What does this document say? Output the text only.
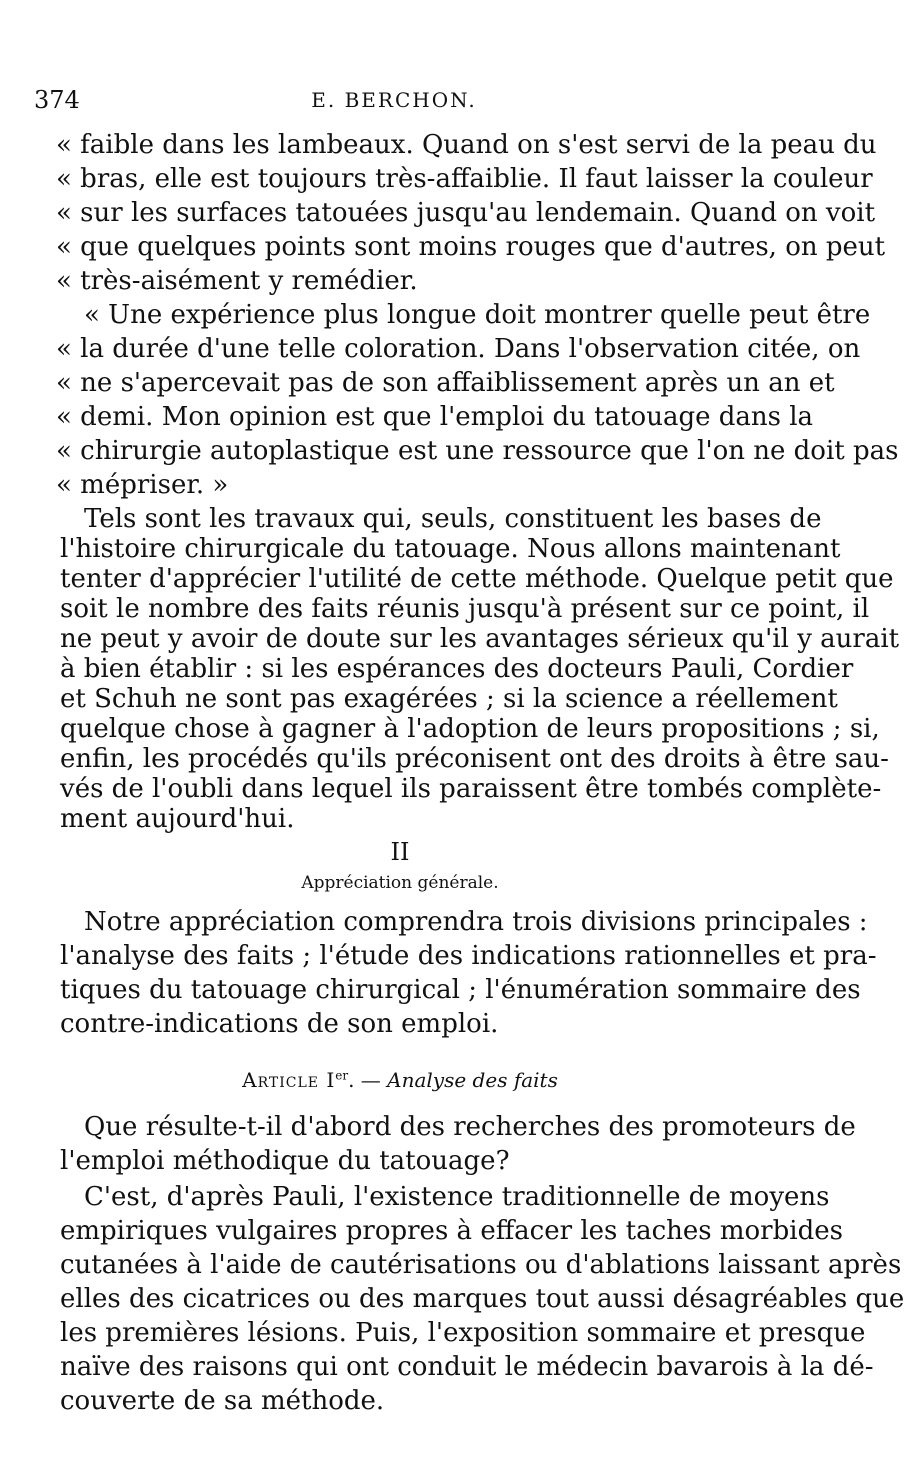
374	E. BERCHON.
« faible dans les lambeaux. Quand on s'est servi de la peau du
« bras, elle est toujours très-affaiblie. Il faut laisser la couleur
« sur les surfaces tatouées jusqu'au lendemain. Quand on voit
« que quelques points sont moins rouges que d'autres, on peut
« très-aisément y remédier.
« Une expérience plus longue doit montrer quelle peut être
« la durée d'une telle coloration. Dans l'observation citée, on
« ne s'apercevait pas de son affaiblissement après un an et
« demi. Mon opinion est que l'emploi du tatouage dans la
« chirurgie autoplastique est une ressource que l'on ne doit pas
« mépriser. »
Tels sont les travaux qui, seuls, constituent les bases de
l'histoire chirurgicale du tatouage. Nous allons maintenant
tenter d'apprécier l'utilité de cette méthode. Quelque petit que
soit le nombre des faits réunis jusqu'à présent sur ce point, il
ne peut y avoir de doute sur les avantages sérieux qu'il y aurait
à bien établir : si les espérances des docteurs Pauli, Cordier
et Schuh ne sont pas exagérées ; si la science a réellement
quelque chose à gagner à l'adoption de leurs propositions ; si,
enfin, les procédés qu'ils préconisent ont des droits à être sau-
vés de l'oubli dans lequel ils paraissent être tombés complète-
ment aujourd'hui.
II
Appréciation générale.
Notre appréciation comprendra trois divisions principales :
l'analyse des faits ; l'étude des indications rationnelles et pra-
tiques du tatouage chirurgical ; l'énumération sommaire des
contre-indications de son emploi.
Article Ier. — Analyse des faits
Que résulte-t-il d'abord des recherches des promoteurs de
l'emploi méthodique du tatouage?
C'est, d'après Pauli, l'existence traditionnelle de moyens
empiriques vulgaires propres à effacer les taches morbides
cutanées à l'aide de cautérisations ou d'ablations laissant après
elles des cicatrices ou des marques tout aussi désagréables que
les premières lésions. Puis, l'exposition sommaire et presque
naïve des raisons qui ont conduit le médecin bavarois à la dé-
couverte de sa méthode.
